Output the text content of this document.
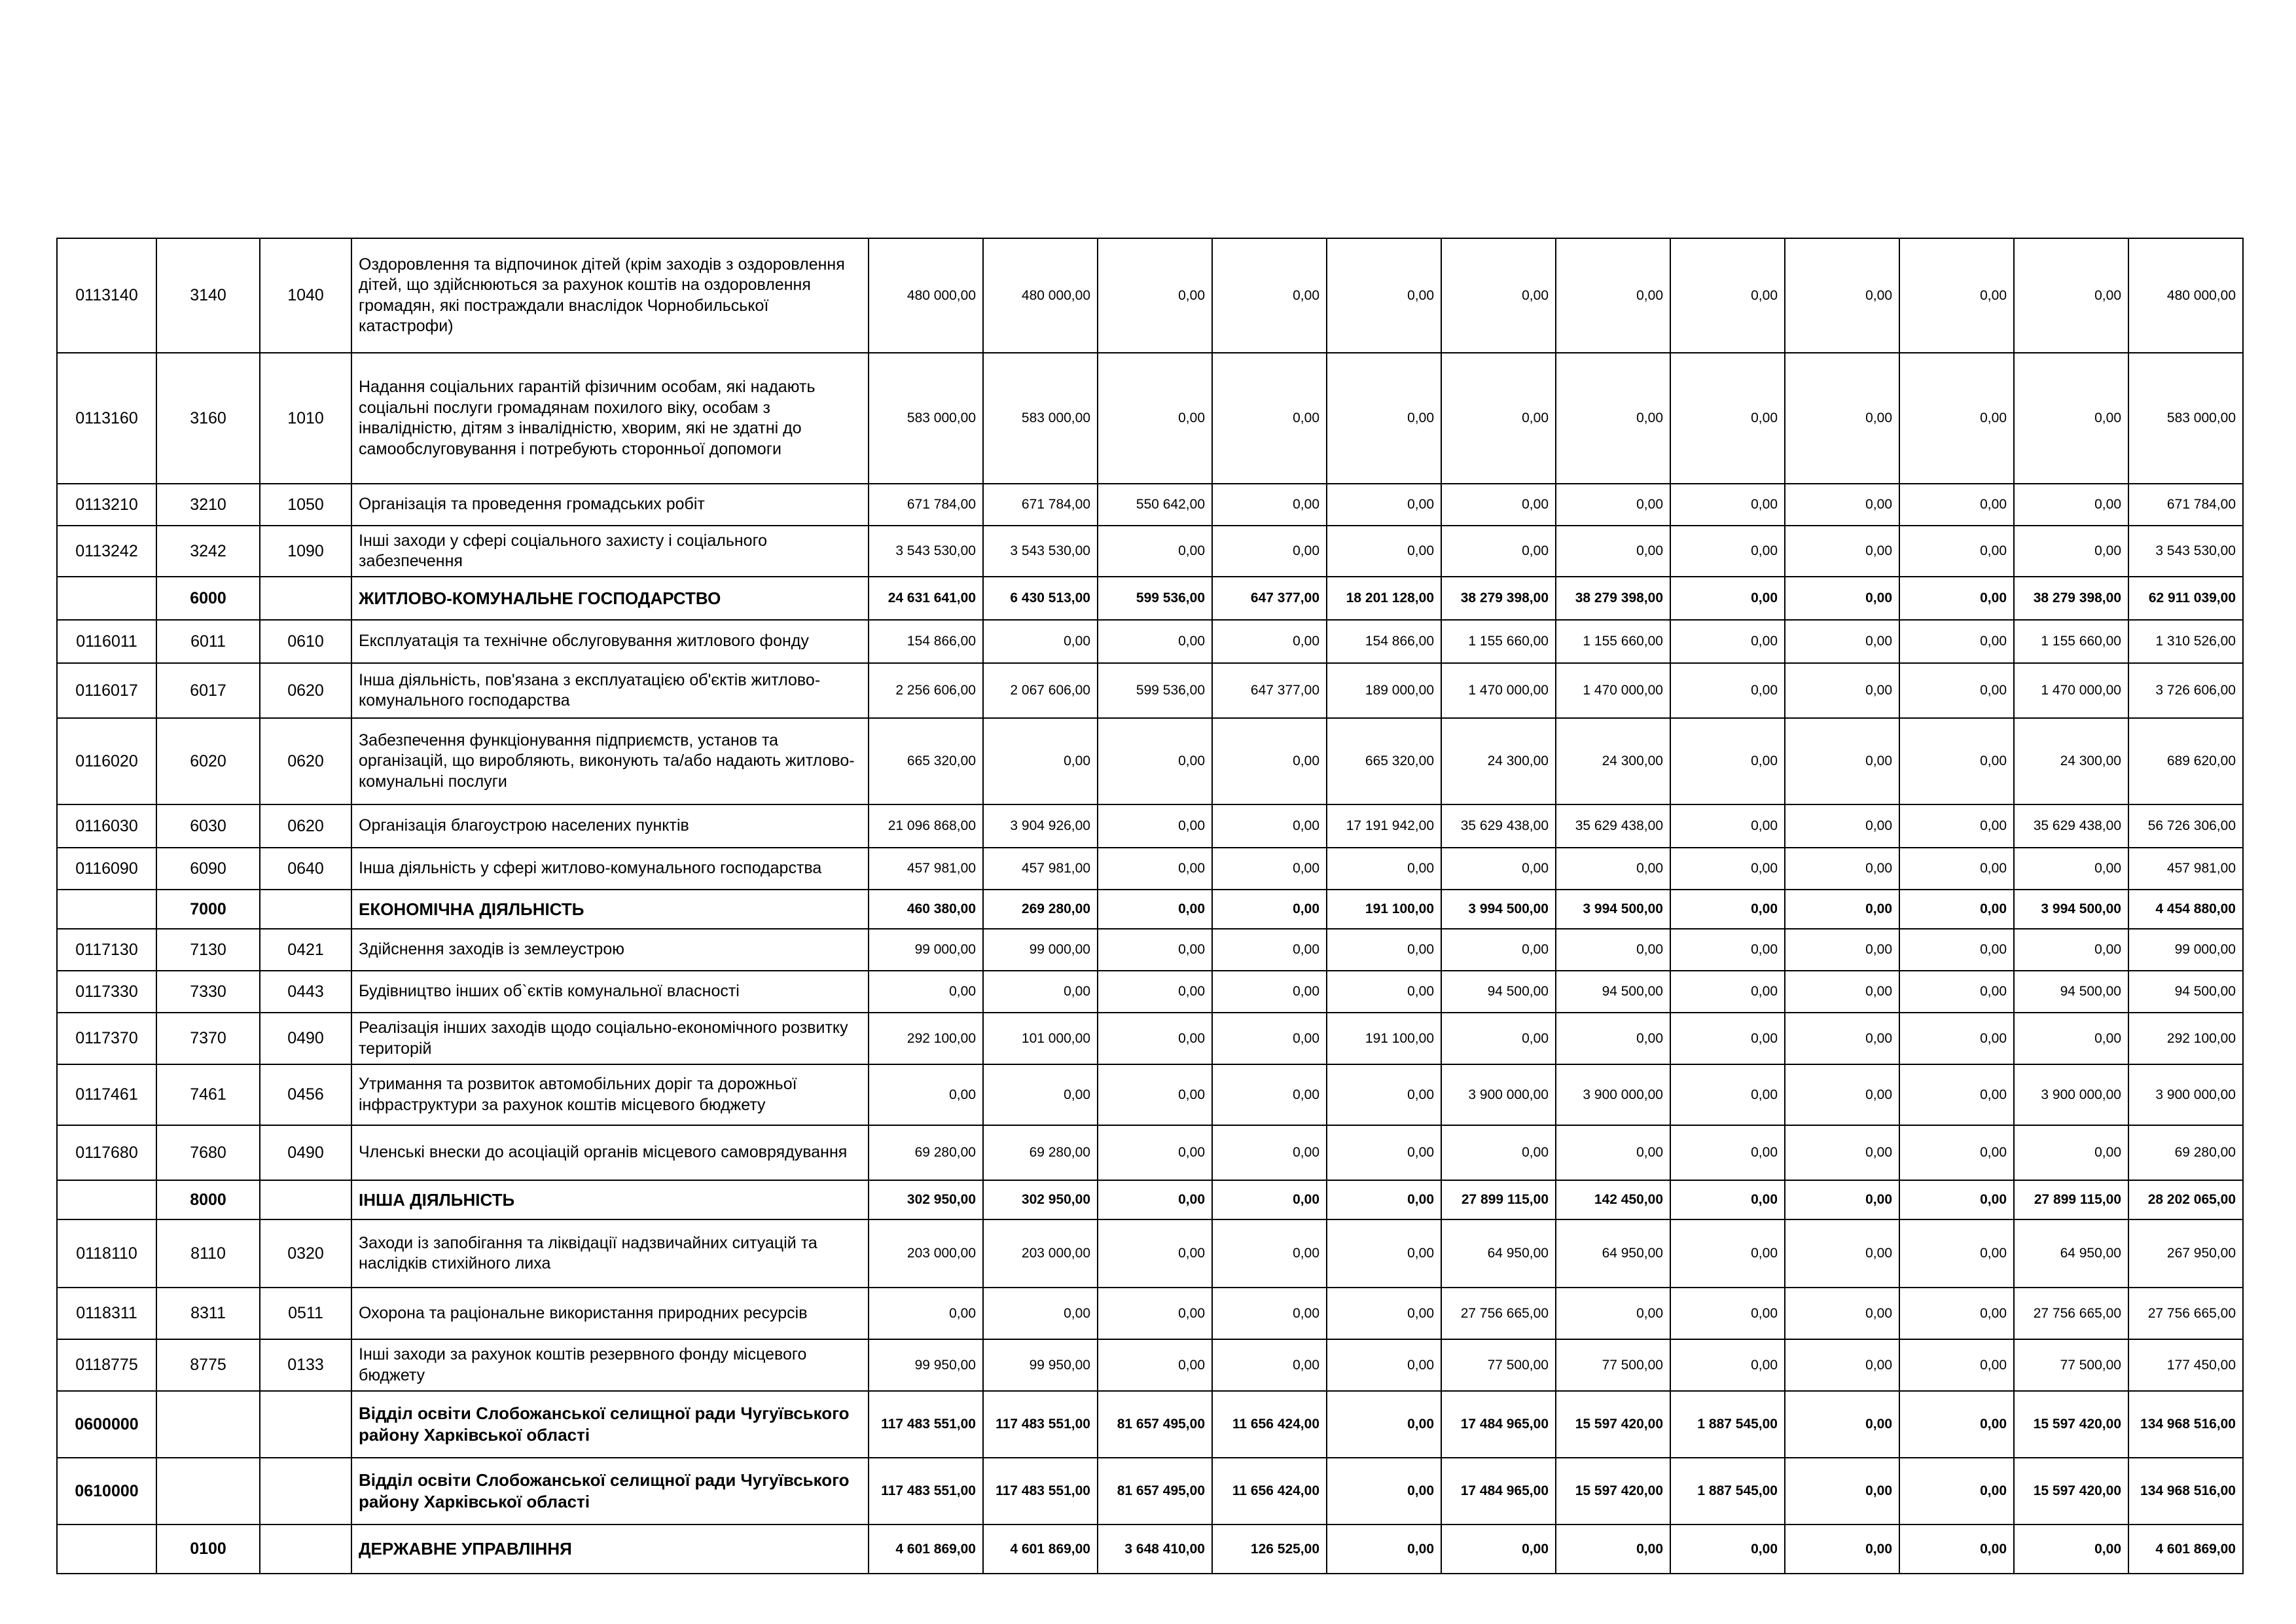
0113140	3140	1040	Оздоровлення та відпочинок дітей (крім заходів з оздоровлення дітей, що здійснюються за рахунок коштів на оздоровлення громадян, які постраждали внаслідок Чорнобильської катастрофи)	480 000,00	480 000,00	0,00	0,00	0,00	0,00	0,00	0,00	0,00	0,00	0,00	480 000,00
0113160	3160	1010	Надання соціальних гарантій фізичним особам, які надають соціальні послуги громадянам похилого віку, особам з інвалідністю, дітям з інвалідністю, хворим, які не здатні до самообслуговування і потребують сторонньої допомоги	583 000,00	583 000,00	0,00	0,00	0,00	0,00	0,00	0,00	0,00	0,00	0,00	583 000,00
0113210	3210	1050	Організація та проведення громадських робіт	671 784,00	671 784,00	550 642,00	0,00	0,00	0,00	0,00	0,00	0,00	0,00	0,00	671 784,00
0113242	3242	1090	Інші заходи у сфері соціального захисту і соціального забезпечення	3 543 530,00	3 543 530,00	0,00	0,00	0,00	0,00	0,00	0,00	0,00	0,00	0,00	3 543 530,00
	6000		ЖИТЛОВО-КОМУНАЛЬНЕ ГОСПОДАРСТВО	24 631 641,00	6 430 513,00	599 536,00	647 377,00	18 201 128,00	38 279 398,00	38 279 398,00	0,00	0,00	0,00	38 279 398,00	62 911 039,00
0116011	6011	0610	Експлуатація та технічне обслуговування житлового фонду	154 866,00	0,00	0,00	0,00	154 866,00	1 155 660,00	1 155 660,00	0,00	0,00	0,00	1 155 660,00	1 310 526,00
0116017	6017	0620	Інша діяльність, пов'язана з експлуатацією об'єктів житлово-комунального господарства	2 256 606,00	2 067 606,00	599 536,00	647 377,00	189 000,00	1 470 000,00	1 470 000,00	0,00	0,00	0,00	1 470 000,00	3 726 606,00
0116020	6020	0620	Забезпечення функціонування підприємств, установ та організацій, що виробляють, виконують та/або надають житлово-комунальні послуги	665 320,00	0,00	0,00	0,00	665 320,00	24 300,00	24 300,00	0,00	0,00	0,00	24 300,00	689 620,00
0116030	6030	0620	Організація благоустрою населених пунктів	21 096 868,00	3 904 926,00	0,00	0,00	17 191 942,00	35 629 438,00	35 629 438,00	0,00	0,00	0,00	35 629 438,00	56 726 306,00
0116090	6090	0640	Інша діяльність у сфері житлово-комунального господарства	457 981,00	457 981,00	0,00	0,00	0,00	0,00	0,00	0,00	0,00	0,00	0,00	457 981,00
	7000		ЕКОНОМІЧНА ДІЯЛЬНІСТЬ	460 380,00	269 280,00	0,00	0,00	191 100,00	3 994 500,00	3 994 500,00	0,00	0,00	0,00	3 994 500,00	4 454 880,00
0117130	7130	0421	Здійснення заходів із землеустрою	99 000,00	99 000,00	0,00	0,00	0,00	0,00	0,00	0,00	0,00	0,00	0,00	99 000,00
0117330	7330	0443	Будівництво інших об`єктів комунальної власності	0,00	0,00	0,00	0,00	0,00	94 500,00	94 500,00	0,00	0,00	0,00	94 500,00	94 500,00
0117370	7370	0490	Реалізація інших заходів щодо соціально-економічного розвитку територій	292 100,00	101 000,00	0,00	0,00	191 100,00	0,00	0,00	0,00	0,00	0,00	0,00	292 100,00
0117461	7461	0456	Утримання та розвиток автомобільних доріг та дорожньої інфраструктури за рахунок коштів місцевого бюджету	0,00	0,00	0,00	0,00	0,00	3 900 000,00	3 900 000,00	0,00	0,00	0,00	3 900 000,00	3 900 000,00
0117680	7680	0490	Членські внески до асоціацій органів місцевого самоврядування	69 280,00	69 280,00	0,00	0,00	0,00	0,00	0,00	0,00	0,00	0,00	0,00	69 280,00
	8000		ІНША ДІЯЛЬНІСТЬ	302 950,00	302 950,00	0,00	0,00	0,00	27 899 115,00	142 450,00	0,00	0,00	0,00	27 899 115,00	28 202 065,00
0118110	8110	0320	Заходи із запобігання та ліквідації надзвичайних ситуацій та наслідків стихійного лиха	203 000,00	203 000,00	0,00	0,00	0,00	64 950,00	64 950,00	0,00	0,00	0,00	64 950,00	267 950,00
0118311	8311	0511	Охорона та раціональне використання природних ресурсів	0,00	0,00	0,00	0,00	0,00	27 756 665,00	0,00	0,00	0,00	0,00	27 756 665,00	27 756 665,00
0118775	8775	0133	Інші заходи за рахунок коштів резервного фонду місцевого бюджету	99 950,00	99 950,00	0,00	0,00	0,00	77 500,00	77 500,00	0,00	0,00	0,00	77 500,00	177 450,00
0600000			Відділ освіти Слобожанської селищної ради Чугуївського району Харківської області	117 483 551,00	117 483 551,00	81 657 495,00	11 656 424,00	0,00	17 484 965,00	15 597 420,00	1 887 545,00	0,00	0,00	15 597 420,00	134 968 516,00
0610000			Відділ освіти Слобожанської селищної ради Чугуївського району Харківської області	117 483 551,00	117 483 551,00	81 657 495,00	11 656 424,00	0,00	17 484 965,00	15 597 420,00	1 887 545,00	0,00	0,00	15 597 420,00	134 968 516,00
	0100		ДЕРЖАВНЕ УПРАВЛІННЯ	4 601 869,00	4 601 869,00	3 648 410,00	126 525,00	0,00	0,00	0,00	0,00	0,00	0,00	0,00	4 601 869,00
